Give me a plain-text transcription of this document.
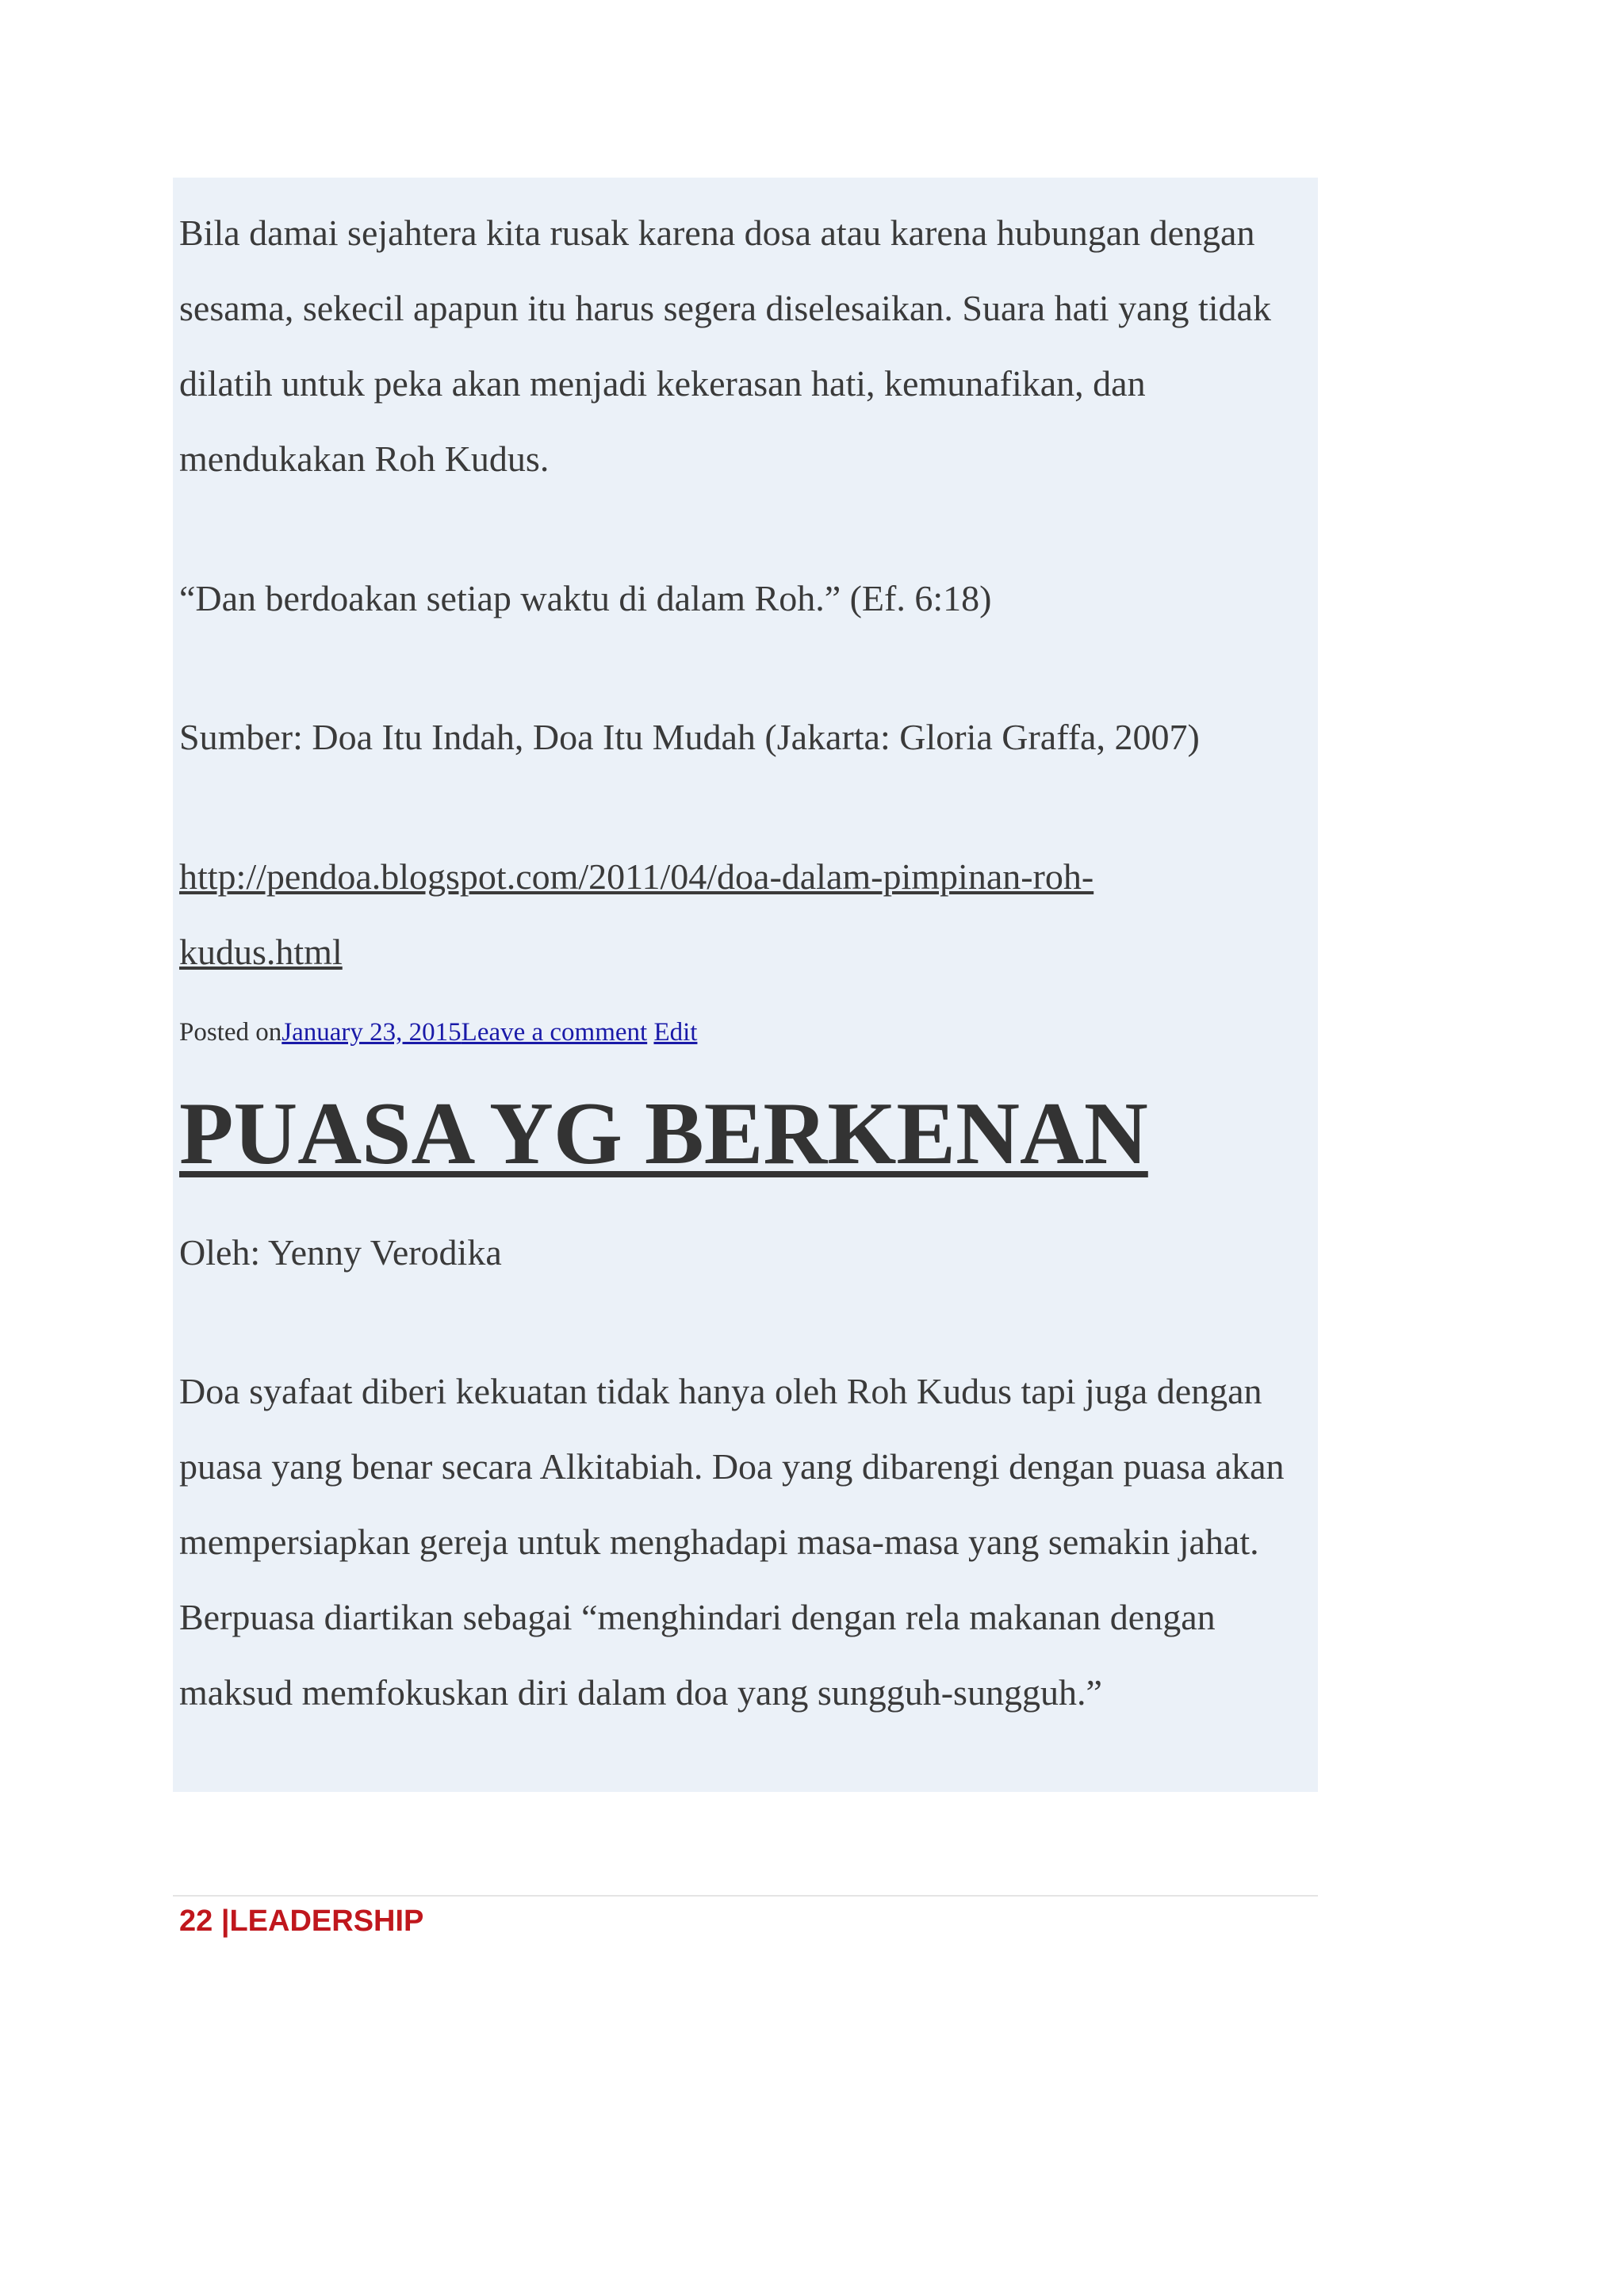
Bila damai sejahtera kita rusak karena dosa atau karena hubungan dengan sesama, sekecil apapun itu harus segera diselesaikan. Suara hati yang tidak dilatih untuk peka akan menjadi kekerasan hati, kemunafikan, dan mendukakan Roh Kudus.

“Dan berdoakan setiap waktu di dalam Roh.” (Ef. 6:18)

Sumber: Doa Itu Indah, Doa Itu Mudah (Jakarta: Gloria Graffa, 2007)

http://pendoa.blogspot.com/2011/04/doa-dalam-pimpinan-roh-kudus.html

Posted onJanuary 23, 2015Leave a comment Edit
PUASA YG BERKENAN

Oleh: Yenny Verodika

Doa syafaat diberi kekuatan tidak hanya oleh Roh Kudus tapi juga dengan puasa yang benar secara Alkitabiah. Doa yang dibarengi dengan puasa akan mempersiapkan gereja untuk menghadapi masa-masa yang semakin jahat. Berpuasa diartikan sebagai “menghindari dengan rela makanan dengan maksud memfokuskan diri dalam doa yang sungguh-sungguh.”

22 |LEADERSHIP
